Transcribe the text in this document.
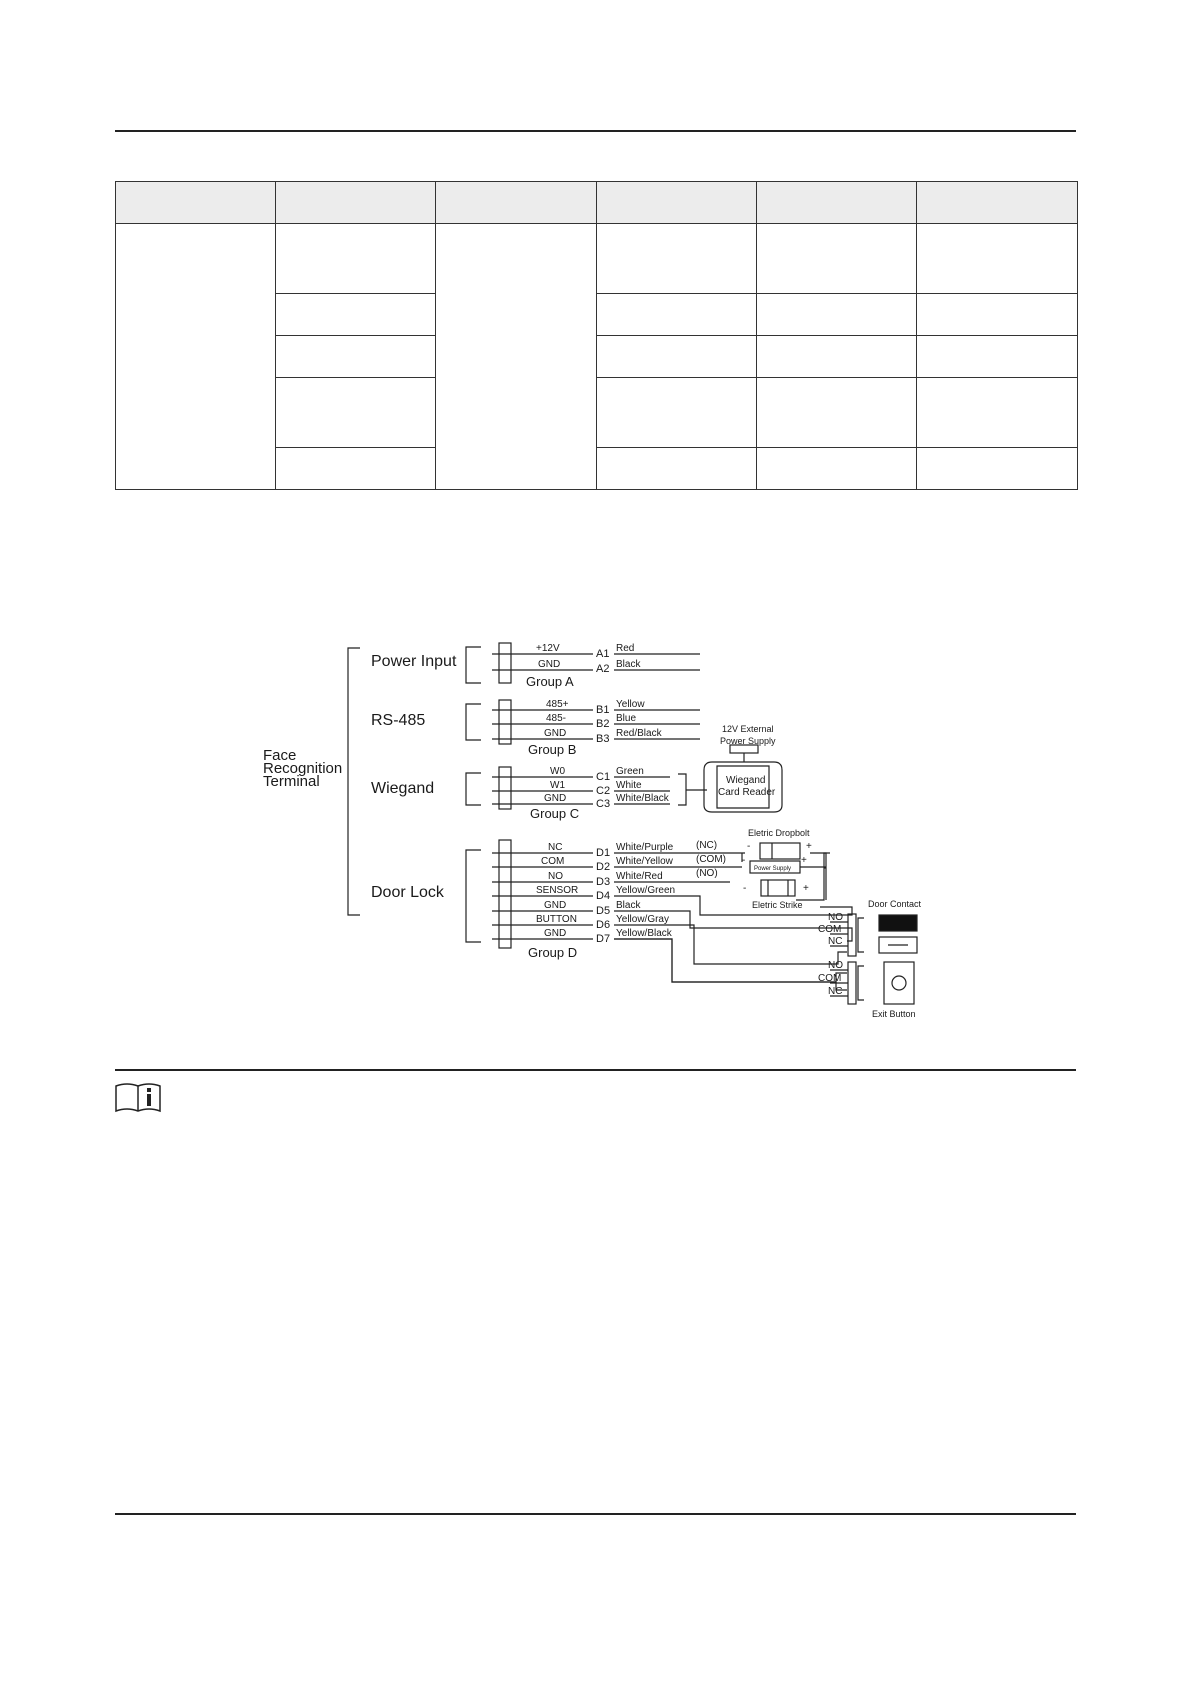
Face Recognition Terminal
Power Input
RS-485
Wiegand
Door Lock
Group A
Group B
Group C
Group D
+12V
GND
A1
A2
Red
Black
485+
485-
GND
B1
B2
B3
Yellow
Blue
Red/Black
W0
W1
GND
C1
C2
C3
Green
White
White/Black
12V External Power Supply
Wiegand Card Reader
NC
COM
NO
SENSOR
GND
BUTTON
GND
D1
D2
D3
D4
D5
D6
D7
White/Purple
White/Yellow
White/Red
Yellow/Green
Black
Yellow/Gray
Yellow/Black
(NC)
(COM)
(NO)
Eletric Dropbolt
Power Supply
Eletric Strike
-	+
-	+
-	+
Door Contact
NO
COM
NC
NO
COM
NC
Exit Button
